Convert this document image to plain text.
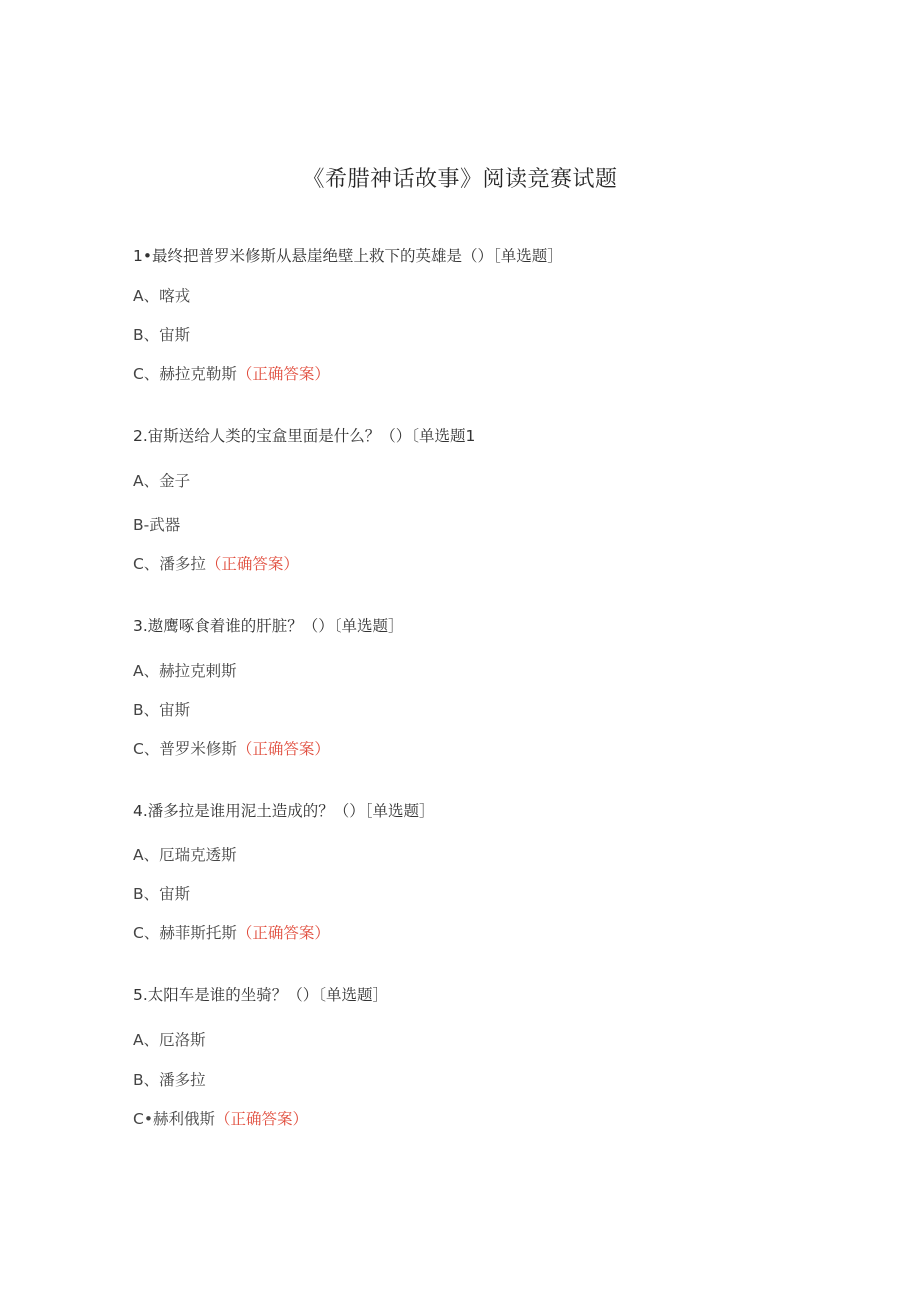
《希腊神话故事》阅读竞赛试题
1•最终把普罗米修斯从悬崖绝壁上救下的英雄是（）［单选题］
A、喀戎
B、宙斯
C、赫拉克勒斯（正确答案）
2.宙斯送给人类的宝盒里面是什么？（）〔单选题1
A、金子
B-武器
C、潘多拉（正确答案）
3.遨鹰啄食着谁的肝脏？（）〔单选题］
A、赫拉克剌斯
B、宙斯
C、普罗米修斯（正确答案）
4.潘多拉是谁用泥土造成的？（）［单选题］
A、厄瑞克透斯
B、宙斯
C、赫菲斯托斯（正确答案）
5.太阳车是谁的坐骑？（）〔单选题］
A、厄洛斯
B、潘多拉
C•赫利俄斯（正确答案）
